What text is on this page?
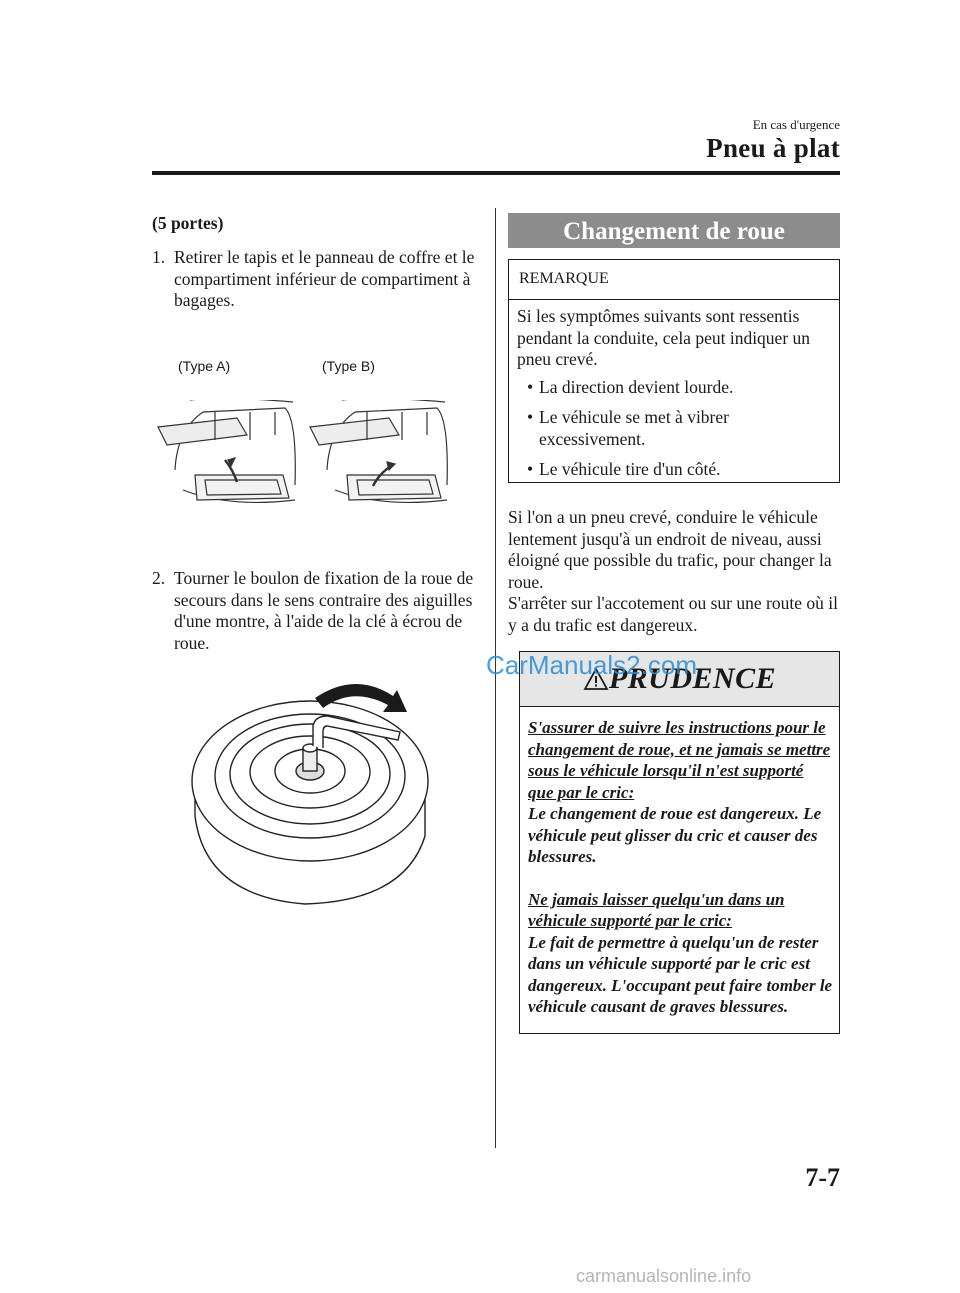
En cas d'urgence
Pneu à plat
(5 portes)
1. Retirer le tapis et le panneau de coffre et le compartiment inférieur de compartiment à bagages.
(Type A)	(Type B)
2. Tourner le boulon de fixation de la roue de secours dans le sens contraire des aiguilles d'une montre, à l'aide de la clé à écrou de roue.
Changement de roue
REMARQUE
Si les symptômes suivants sont ressentis pendant la conduite, cela peut indiquer un pneu crevé.
• La direction devient lourde.
• Le véhicule se met à vibrer excessivement.
• Le véhicule tire d'un côté.
Si l'on a un pneu crevé, conduire le véhicule lentement jusqu'à un endroit de niveau, aussi éloigné que possible du trafic, pour changer la roue.
S'arrêter sur l'accotement ou sur une route où il y a du trafic est dangereux.
PRUDENCE
S'assurer de suivre les instructions pour le changement de roue, et ne jamais se mettre sous le véhicule lorsqu'il n'est supporté que par le cric:
Le changement de roue est dangereux. Le véhicule peut glisser du cric et causer des blessures.
Ne jamais laisser quelqu'un dans un véhicule supporté par le cric:
Le fait de permettre à quelqu'un de rester dans un véhicule supporté par le cric est dangereux. L'occupant peut faire tomber le véhicule causant de graves blessures.
CarManuals2.com
7-7
carmanualsonline.info
